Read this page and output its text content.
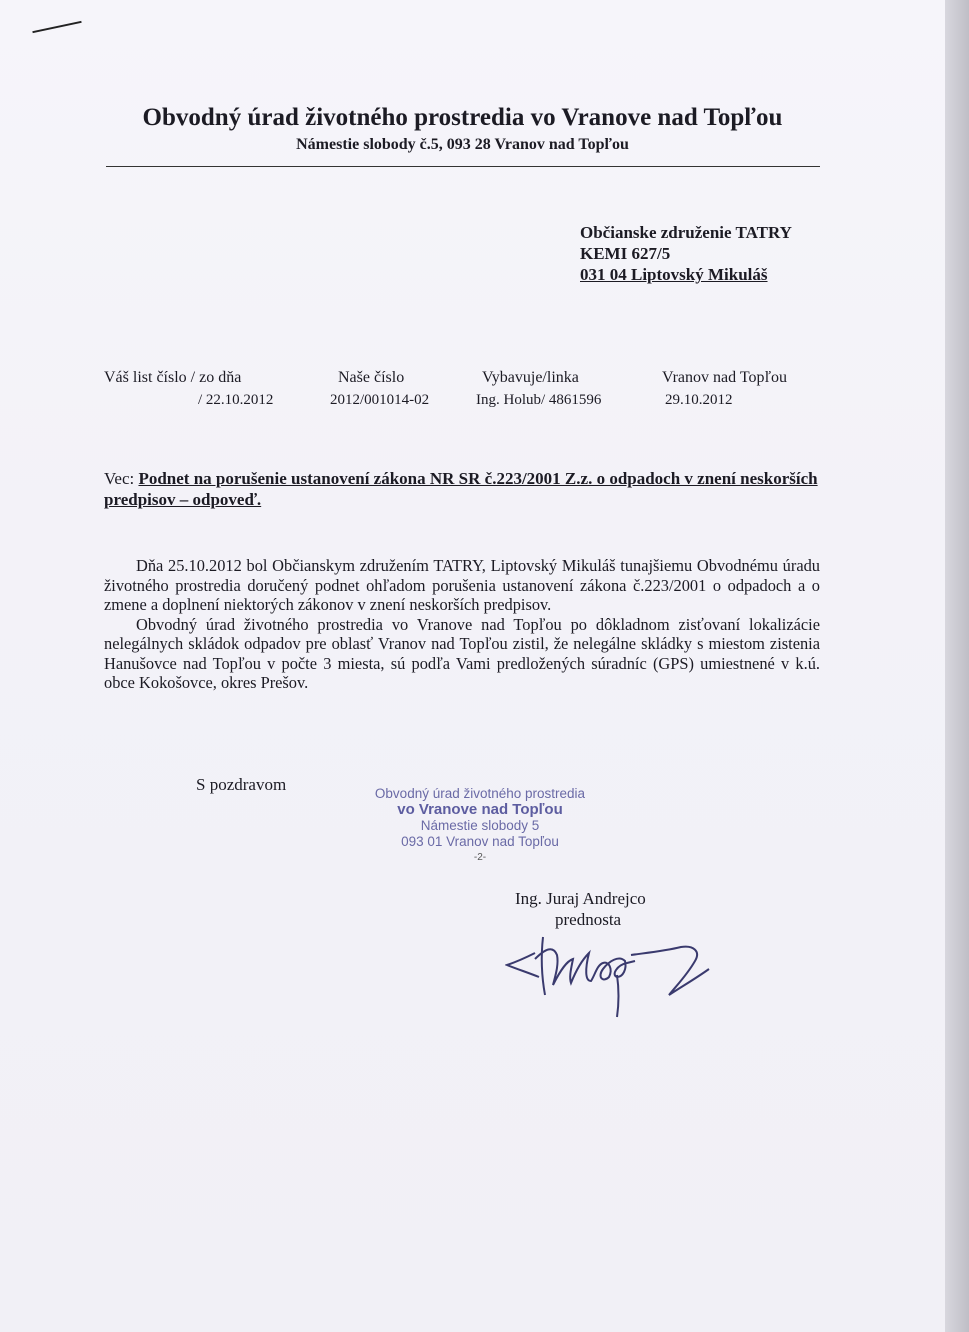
Obvodný úrad životného prostredia vo Vranove nad Topľou
Námestie slobody č.5, 093 28 Vranov nad Topľou
Občianske združenie TATRY
KEMI 627/5
031 04 Liptovský Mikuláš
Váš list číslo / zo dňa
/ 22.10.2012
Naše číslo
2012/001014-02
Vybavuje/linka
Ing. Holub/ 4861596
Vranov nad Topľou
29.10.2012
Vec: Podnet na porušenie ustanovení zákona NR SR č.223/2001 Z.z. o odpadoch v znení neskorších predpisov – odpoveď.

Dňa 25.10.2012 bol Občianskym združením TATRY, Liptovský Mikuláš tunajšiemu Obvodnému úradu životného prostredia doručený podnet ohľadom porušenia ustanovení zákona č.223/2001 o odpadoch a o zmene a doplnení niektorých zákonov v znení neskorších predpisov.

Obvodný úrad životného prostredia vo Vranove nad Topľou po dôkladnom zisťovaní lokalizácie nelegálnych skládok odpadov pre oblasť Vranov nad Topľou zistil, že nelegálne skládky s miestom zistenia Hanušovce nad Topľou v počte 3 miesta, sú podľa Vami predložených súradníc (GPS) umiestnené v k.ú. obce Kokošovce, okres Prešov.

S pozdravom	Obvodný úrad životného prostredia
vo Vranove nad Topľou
Námestie slobody 5
093 01 Vranov nad Topľou
-2-
Ing. Juraj Andrejco
prednosta
